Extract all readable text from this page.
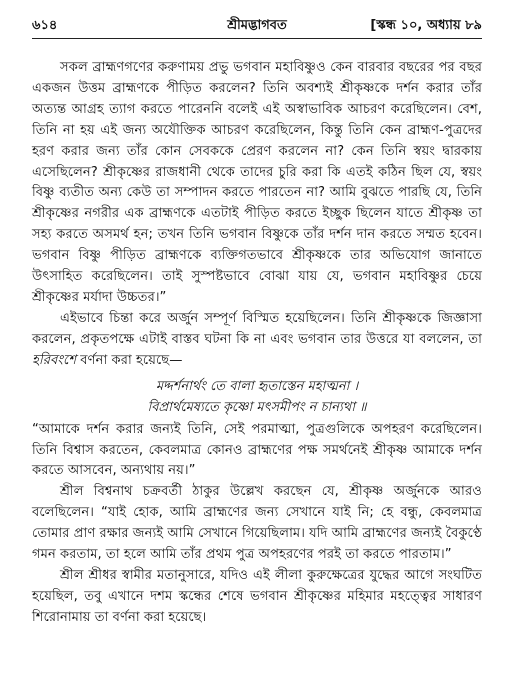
৬১৪	শ্রীমদ্ভাগবত	[স্কন্ধ ১০, অধ্যায় ৮৯

সকল ব্রাহ্মণগণের করুণাময় প্রভু ভগবান মহাবিষ্ণুও কেন বারবার বছরের পর বছর একজন উত্তম ব্রাহ্মণকে পীড়িত করলেন? তিনি অবশ্যই শ্রীকৃষ্ণকে দর্শন করার তাঁর অত্যন্ত আগ্রহ ত্যাগ করতে পারেননি বলেই এই অস্বাভাবিক আচরণ করেছিলেন। বেশ, তিনি না হয় এই জন্য অযৌক্তিক আচরণ করেছিলেন, কিন্তু তিনি কেন ব্রাহ্মণ-পুত্রদের হরণ করার জন্য তাঁর কোন সেবককে প্রেরণ করলেন না? কেন তিনি স্বয়ং দ্বারকায় এসেছিলেন? শ্রীকৃষ্ণের রাজধানী থেকে তাদের চুরি করা কি এতই কঠিন ছিল যে, স্বয়ং বিষ্ণু ব্যতীত অন্য কেউ তা সম্পাদন করতে পারতেন না? আমি বুঝতে পারছি যে, তিনি শ্রীকৃষ্ণের নগরীর এক ব্রাহ্মণকে এতটাই পীড়িত করতে ইচ্ছুক ছিলেন যাতে শ্রীকৃষ্ণ তা সহ্য করতে অসমর্থ হন; তখন তিনি ভগবান বিষ্ণুকে তাঁর দর্শন দান করতে সম্মত হবেন। ভগবান বিষ্ণু পীড়িত ব্রাহ্মণকে ব্যক্তিগতভাবে শ্রীকৃষ্ণকে তার অভিযোগ জানাতে উৎসাহিত করেছিলেন। তাই সুস্পষ্টভাবে বোঝা যায় যে, ভগবান মহাবিষ্ণুর চেয়ে শ্রীকৃষ্ণের মর্যাদা উচ্চতর।”

এইভাবে চিন্তা করে অর্জুন সম্পূর্ণ বিস্মিত হয়েছিলেন। তিনি শ্রীকৃষ্ণকে জিজ্ঞাসা করলেন, প্রকৃতপক্ষে এটাই বাস্তব ঘটনা কি না এবং ভগবান তার উত্তরে যা বললেন, তা হরিবংশে বর্ণনা করা হয়েছে—

মদ্দর্শনার্থং তে বালা হৃতাস্তেন মহাত্মনা ।
বিপ্রার্থমেষ্যতে কৃষ্ণো মৎসমীপং ন চান্যথা ॥

“আমাকে দর্শন করার জন্যই তিনি, সেই পরমাত্মা, পুত্রগুলিকে অপহরণ করেছিলেন। তিনি বিশ্বাস করতেন, কেবলমাত্র কোনও ব্রাহ্মণের পক্ষ সমর্থনেই শ্রীকৃষ্ণ আমাকে দর্শন করতে আসবেন, অন্যথায় নয়।”

শ্রীল বিশ্বনাথ চক্রবর্তী ঠাকুর উল্লেখ করছেন যে, শ্রীকৃষ্ণ অর্জুনকে আরও বলেছিলেন। “যাই হোক, আমি ব্রাহ্মণের জন্য সেখানে যাই নি; হে বন্ধু, কেবলমাত্র তোমার প্রাণ রক্ষার জন্যই আমি সেখানে গিয়েছিলাম। যদি আমি ব্রাহ্মণের জন্যই বৈকুণ্ঠে গমন করতাম, তা হলে আমি তাঁর প্রথম পুত্র অপহরণের পরই তা করতে পারতাম।”

শ্রীল শ্রীধর স্বামীর মতানুসারে, যদিও এই লীলা কুরুক্ষেত্রের যুদ্ধের আগে সংঘটিত হয়েছিল, তবু এখানে দশম স্কন্ধের শেষে ভগবান শ্রীকৃষ্ণের মহিমার মহত্ত্বের সাধারণ শিরোনামায় তা বর্ণনা করা হয়েছে।
